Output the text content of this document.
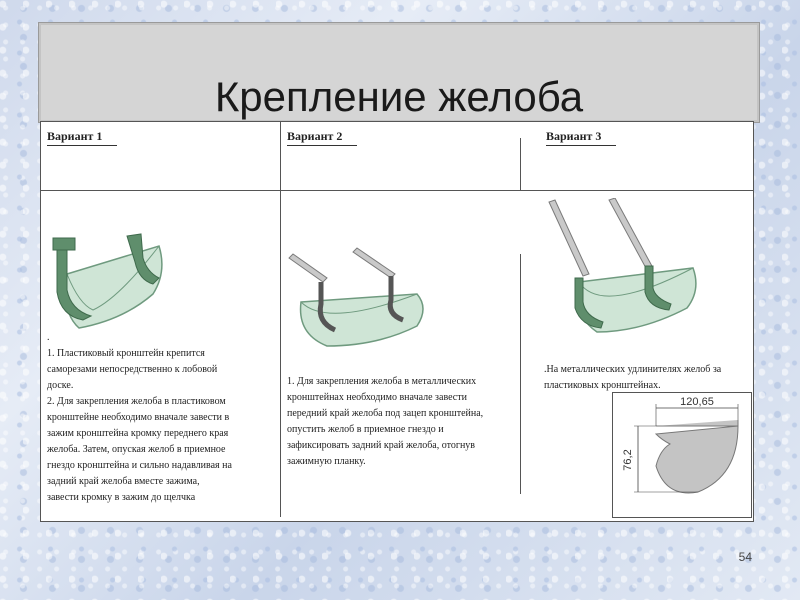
Крепление желоба
Вариант 1	Вариант 2	Вариант 3
.
1. Пластиковый кронштейн крепится
саморезами непосредственно к лобовой
доске.
2. Для закрепления желоба в пластиковом
кронштейне необходимо вначале завести в
зажим кронштейна кромку переднего края
желоба. Затем, опуская желоб в приемное
гнездо кронштейна и сильно надавливая на
задний край желоба вместе зажима,
завести кромку в зажим до щелчка
1. Для закрепления желоба в металлических
кронштейнах необходимо вначале завести
передний край желоба под зацеп кронштейна,
опустить желоб в приемное гнездо и
зафиксировать задний край желоба, отогнув
зажимную планку.
.На металлических удлинителях желоб за
пластиковых кронштейнах.
120,65
76,2
54
